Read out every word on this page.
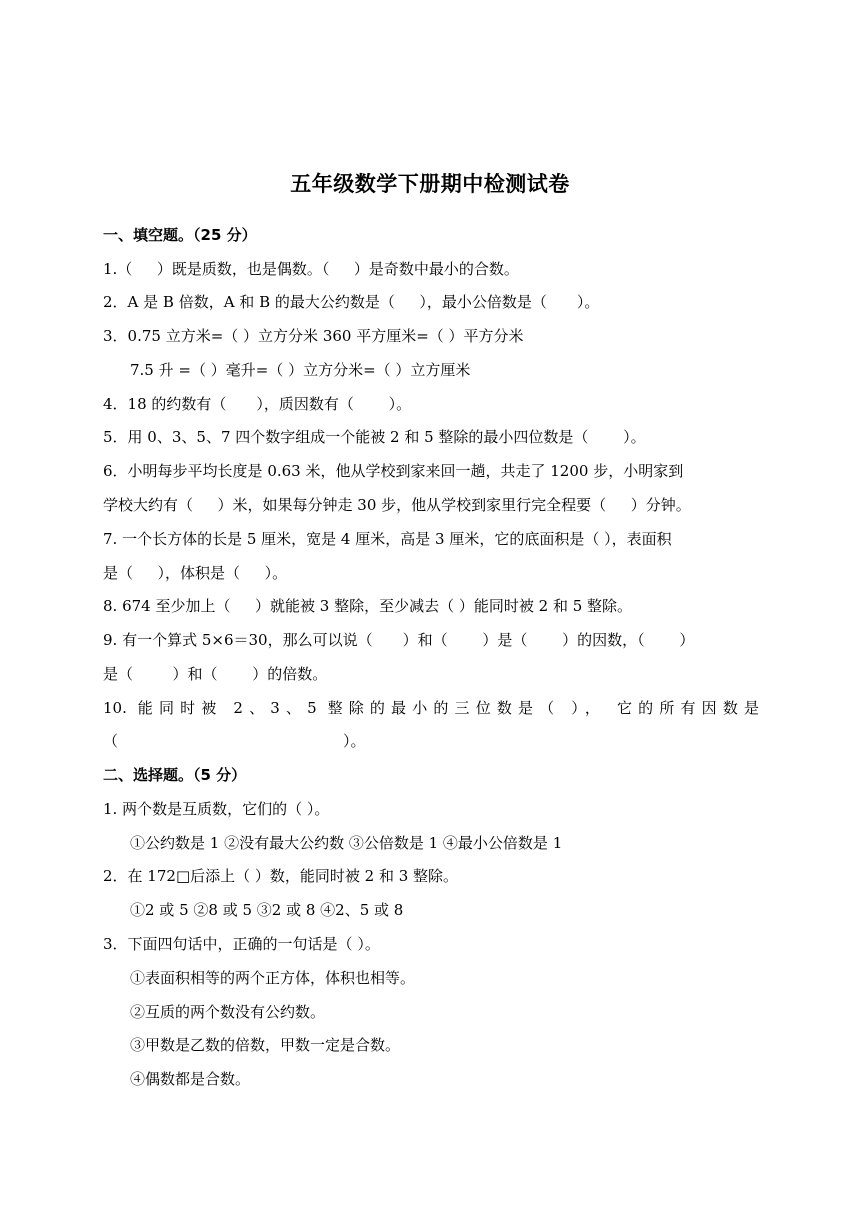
五年级数学下册期中检测试卷
一、填空题。（25 分）
1.（　  ）既是质数，也是偶数。（　  ）是奇数中最小的合数。
2．A 是 B 倍数，A 和 B 的最大公约数是（　  ），最小公倍数是（　　）。
3．0.75 立方米=（ ）立方分米 360 平方厘米=（ ）平方分米
7.5 升 =（ ）毫升=（ ）立方分米=（ ）立方厘米
4．18 的约数有（　　），质因数有（　　 ）。
5．用 0、3、5、7 四个数字组成一个能被 2 和 5 整除的最小四位数是（　　 ）。
6．小明每步平均长度是 0.63 米，他从学校到家来回一趟，共走了 1200 步，小明家到
学校大约有（　  ）米，如果每分钟走 30 步，他从学校到家里行完全程要（　  ）分钟。
7. 一个长方体的长是 5 厘米，宽是 4 厘米，高是 3 厘米，它的底面积是（ ），表面积
是（　  ），体积是（　  ）。
8. 674 至少加上（　  ）就能被 3 整除，至少减去（ ）能同时被 2 和 5 整除。
9. 有一个算式 5×6＝30，那么可以说（　　）和（　　 ）是（　　 ）的因数，（　　 ）
是（　　  ）和（　　 ）的倍数。
10. 能同时被 2、3、5 整除的最小的三位数是（ ）， 它的所有因数是
（　　　　　　　　　　　　　　　）。
二、选择题。（5 分）
1. 两个数是互质数，它们的（ ）。
①公约数是 1 ②没有最大公约数 ③公倍数是 1 ④最小公倍数是 1
2．在 172□后添上（ ）数，能同时被 2 和 3 整除。
①2 或 5 ②8 或 5 ③2 或 8 ④2、5 或 8
3．下面四句话中，正确的一句话是（ ）。
①表面积相等的两个正方体，体积也相等。
②互质的两个数没有公约数。
③甲数是乙数的倍数，甲数一定是合数。
④偶数都是合数。
